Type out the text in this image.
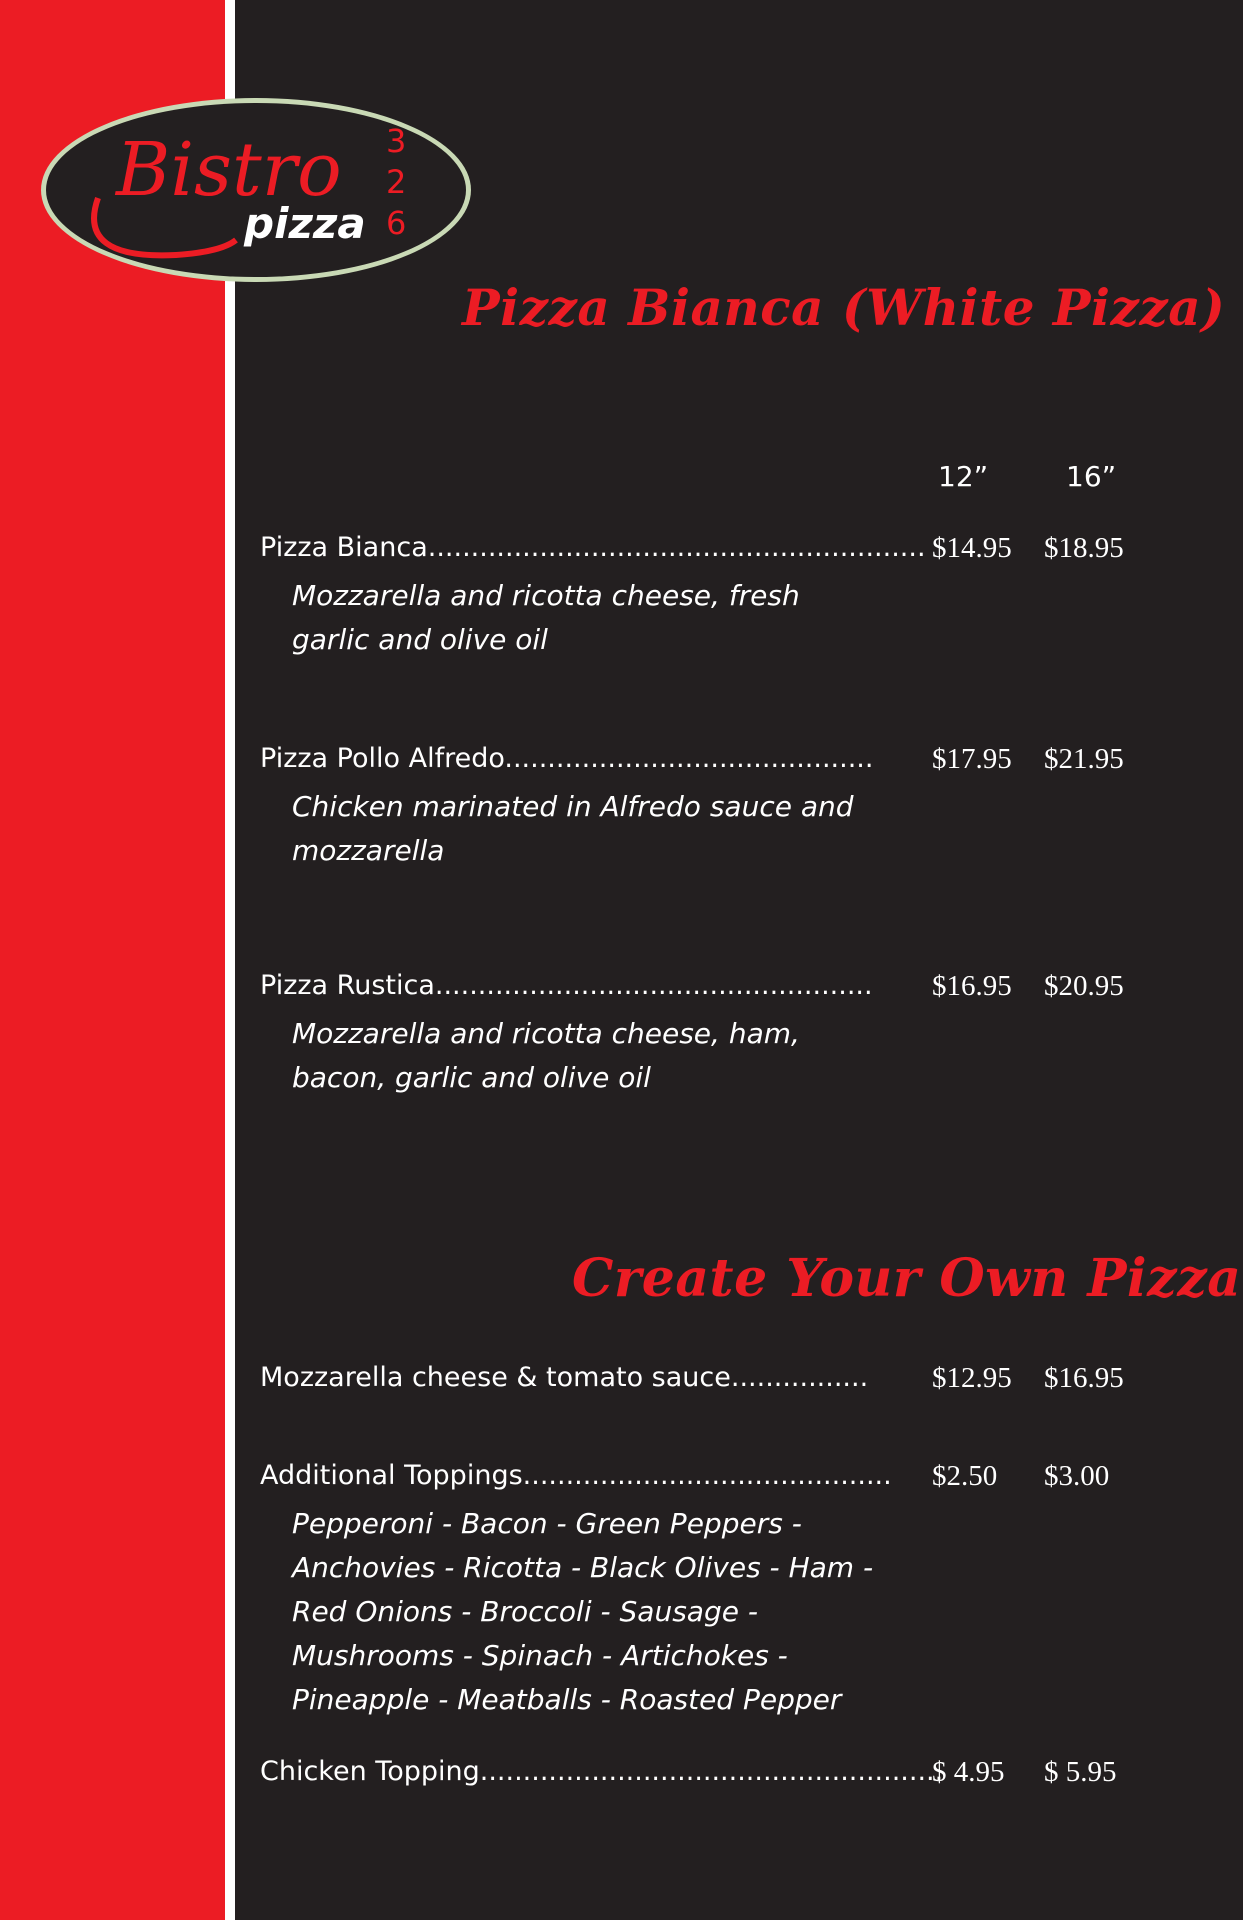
Bistro
pizza
3
2
6
Pizza Bianca (White Pizza)
12”	16”
Pizza Bianca..........................................................

Mozzarella and ricotta cheese, fresh garlic and olive oil

$14.95 $18.95
Pizza Pollo Alfredo...........................................

Chicken marinated in Alfredo sauce and mozzarella

$17.95 $21.95
Pizza Rustica...................................................

Mozzarella and ricotta cheese, ham, bacon, garlic and olive oil

$16.95 $20.95
Create Your Own Pizza
Mozzarella cheese & tomato sauce................ $12.95 $16.95
Additional Toppings...........................................

Pepperoni - Bacon - Green Peppers - Anchovies - Ricotta - Black Olives - Ham - Red Onions - Broccoli - Sausage - Mushrooms - Spinach - Artichokes - Pineapple - Meatballs - Roasted Pepper

$2.50 $3.00
Chicken Topping......................................................
$ 4.95 $ 5.95
